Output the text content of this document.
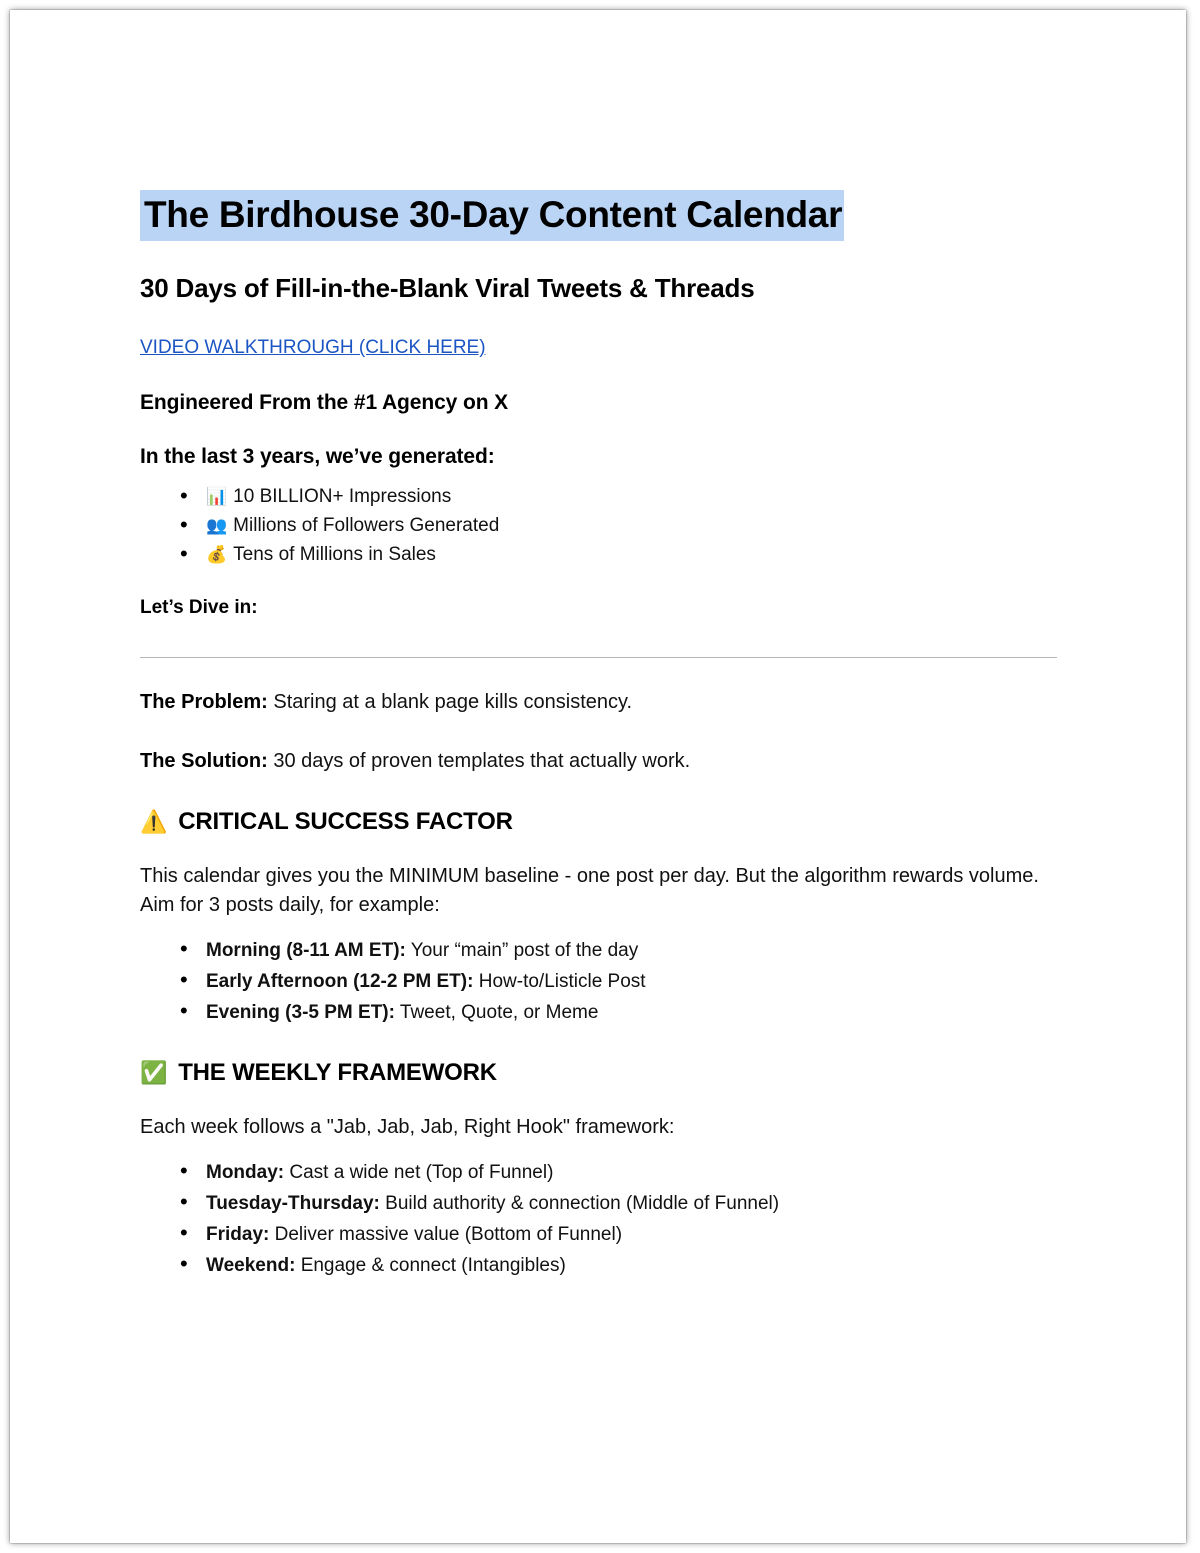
The Birdhouse 30-Day Content Calendar
30 Days of Fill-in-the-Blank Viral Tweets & Threads
VIDEO WALKTHROUGH (CLICK HERE)
Engineered From the #1 Agency on X
In the last 3 years, we’ve generated:
• 📊 10 BILLION+ Impressions
• 👥 Millions of Followers Generated
• 💰 Tens of Millions in Sales
Let’s Dive in:
The Problem: Staring at a blank page kills consistency.
The Solution: 30 days of proven templates that actually work.
⚠️ CRITICAL SUCCESS FACTOR
This calendar gives you the MINIMUM baseline - one post per day. But the algorithm rewards volume. Aim for 3 posts daily, for example:
• Morning (8-11 AM ET): Your “main” post of the day
• Early Afternoon (12-2 PM ET): How-to/Listicle Post
• Evening (3-5 PM ET): Tweet, Quote, or Meme
✅ THE WEEKLY FRAMEWORK
Each week follows a "Jab, Jab, Jab, Right Hook" framework:
• Monday: Cast a wide net (Top of Funnel)
• Tuesday-Thursday: Build authority & connection (Middle of Funnel)
• Friday: Deliver massive value (Bottom of Funnel)
• Weekend: Engage & connect (Intangibles)
